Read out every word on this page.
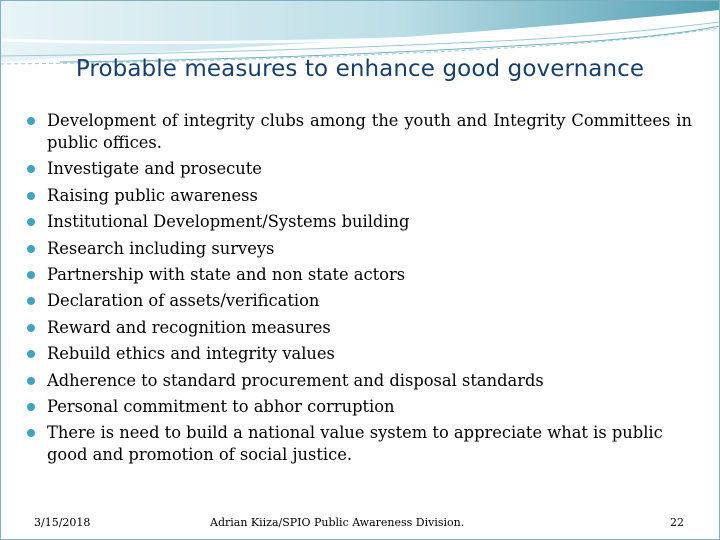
Probable measures to enhance good governance
Development of integrity clubs among the youth and Integrity Committees in public offices.
Investigate and prosecute
Raising public awareness
Institutional Development/Systems building
Research including surveys
Partnership with state and non state actors
Declaration of assets/verification
Reward and recognition measures
Rebuild ethics and integrity values
Adherence to standard procurement and disposal standards
Personal commitment to abhor corruption
There is need to build a national value system to appreciate what is public good and promotion of social justice.
3/15/2018	Adrian Kiiza/SPIO Public Awareness Division.	22
